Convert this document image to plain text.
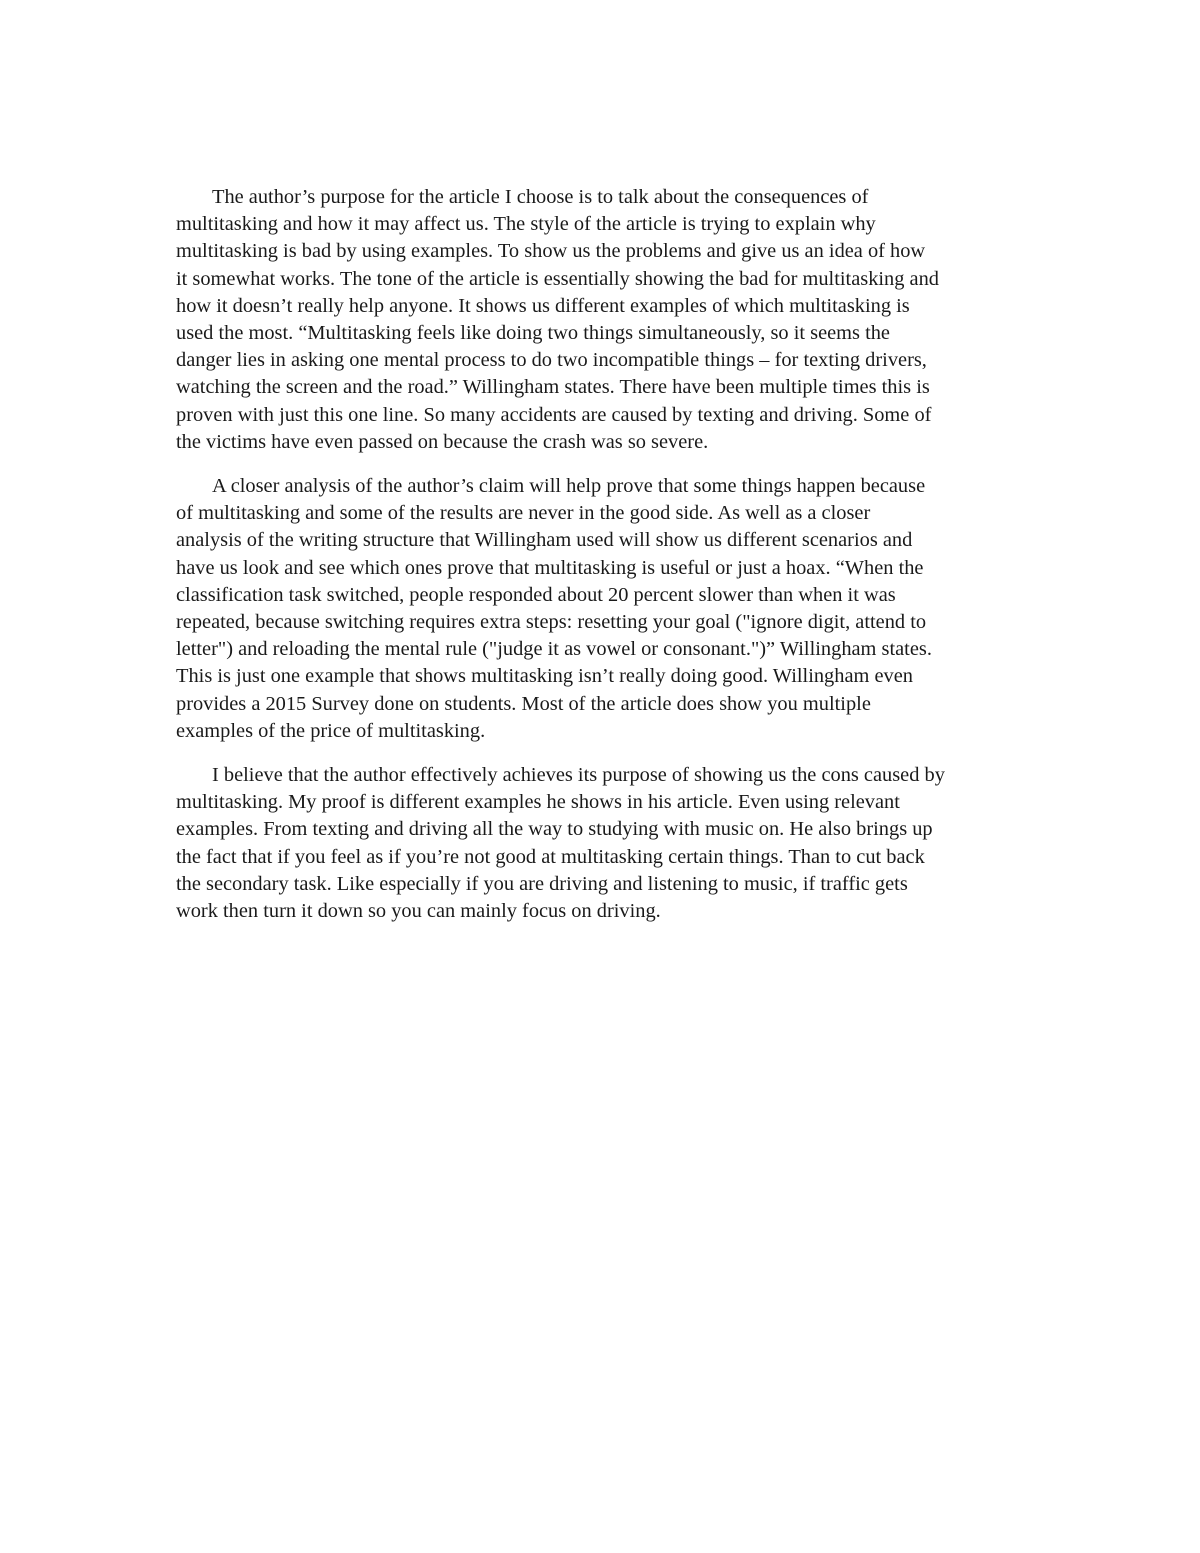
The author’s purpose for the article I choose is to talk about the consequences of
multitasking and how it may affect us. The style of the article is trying to explain why
multitasking is bad by using examples. To show us the problems and give us an idea of how
it somewhat works. The tone of the article is essentially showing the bad for multitasking and
how it doesn’t really help anyone. It shows us different examples of which multitasking is
used the most. “Multitasking feels like doing two things simultaneously, so it seems the
danger lies in asking one mental process to do two incompatible things – for texting drivers,
watching the screen and the road.” Willingham states. There have been multiple times this is
proven with just this one line. So many accidents are caused by texting and driving. Some of
the victims have even passed on because the crash was so severe.

A closer analysis of the author’s claim will help prove that some things happen because
of multitasking and some of the results are never in the good side. As well as a closer
analysis of the writing structure that Willingham used will show us different scenarios and
have us look and see which ones prove that multitasking is useful or just a hoax. “When the
classification task switched, people responded about 20 percent slower than when it was
repeated, because switching requires extra steps: resetting your goal ("ignore digit, attend to
letter") and reloading the mental rule ("judge it as vowel or consonant.")” Willingham states.
This is just one example that shows multitasking isn’t really doing good. Willingham even
provides a 2015 Survey done on students. Most of the article does show you multiple
examples of the price of multitasking.

I believe that the author effectively achieves its purpose of showing us the cons caused by
multitasking. My proof is different examples he shows in his article. Even using relevant
examples. From texting and driving all the way to studying with music on. He also brings up
the fact that if you feel as if you’re not good at multitasking certain things. Than to cut back
the secondary task. Like especially if you are driving and listening to music, if traffic gets
work then turn it down so you can mainly focus on driving.
